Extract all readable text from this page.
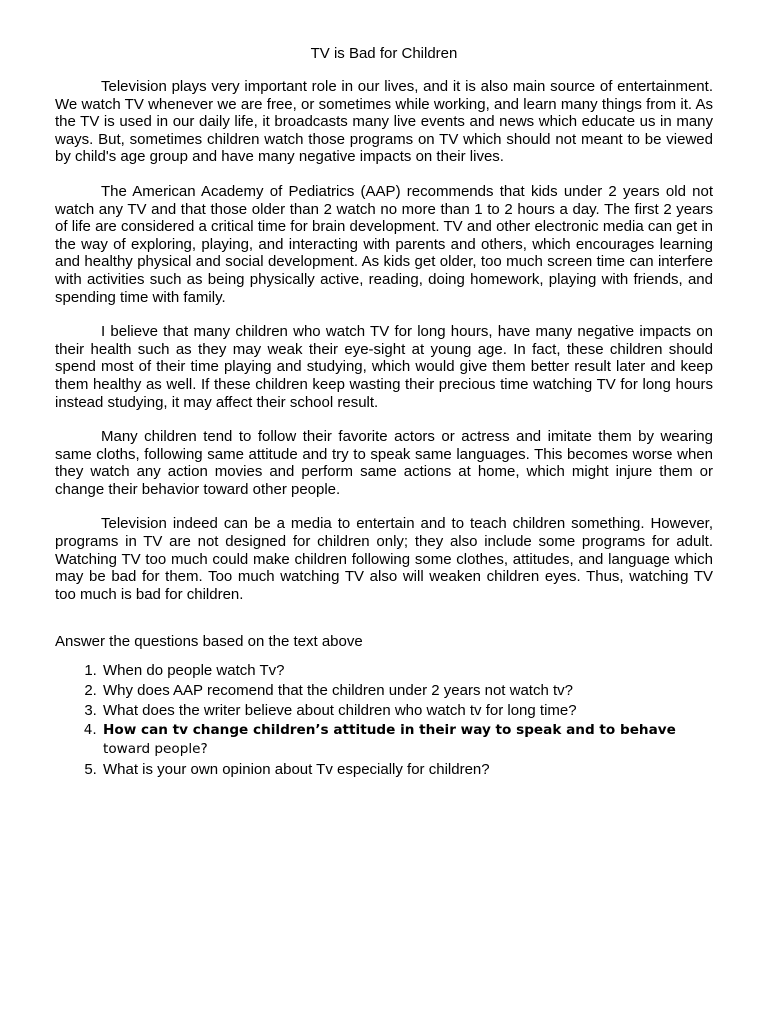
TV is Bad for Children

Television plays very important role in our lives, and it is also main source of entertainment. We watch TV whenever we are free, or sometimes while working, and learn many things from it. As the TV is used in our daily life, it broadcasts many live events and news which educate us in many ways. But, sometimes children watch those programs on TV which should not meant to be viewed by child's age group and have many negative impacts on their lives.

The American Academy of Pediatrics (AAP) recommends that kids under 2 years old not watch any TV and that those older than 2 watch no more than 1 to 2 hours a day. The first 2 years of life are considered a critical time for brain development. TV and other electronic media can get in the way of exploring, playing, and interacting with parents and others, which encourages learning and healthy physical and social development. As kids get older, too much screen time can interfere with activities such as being physically active, reading, doing homework, playing with friends, and spending time with family.

I believe that many children who watch TV for long hours, have many negative impacts on their health such as they may weak their eye-sight at young age. In fact, these children should spend most of their time playing and studying, which would give them better result later and keep them healthy as well. If these children keep wasting their precious time watching TV for long hours instead studying, it may affect their school result.

Many children tend to follow their favorite actors or actress and imitate them by wearing same cloths, following same attitude and try to speak same languages. This becomes worse when they watch any action movies and perform same actions at home, which might injure them or change their behavior toward other people.

Television indeed can be a media to entertain and to teach children something. However, programs in TV are not designed for children only; they also include some programs for adult. Watching TV too much could make children following some clothes, attitudes, and language which may be bad for them. Too much watching TV also will weaken children eyes. Thus, watching TV too much is bad for children.

Answer the questions based on the text above
1. When do people watch Tv?
2. Why does AAP recomend that the children under 2 years not watch tv?
3. What does the writer believe about children who watch tv for long time?
4. How can tv change children’s attitude in their way to speak and to behave
toward people?
5. What is your own opinion about Tv especially for children?
